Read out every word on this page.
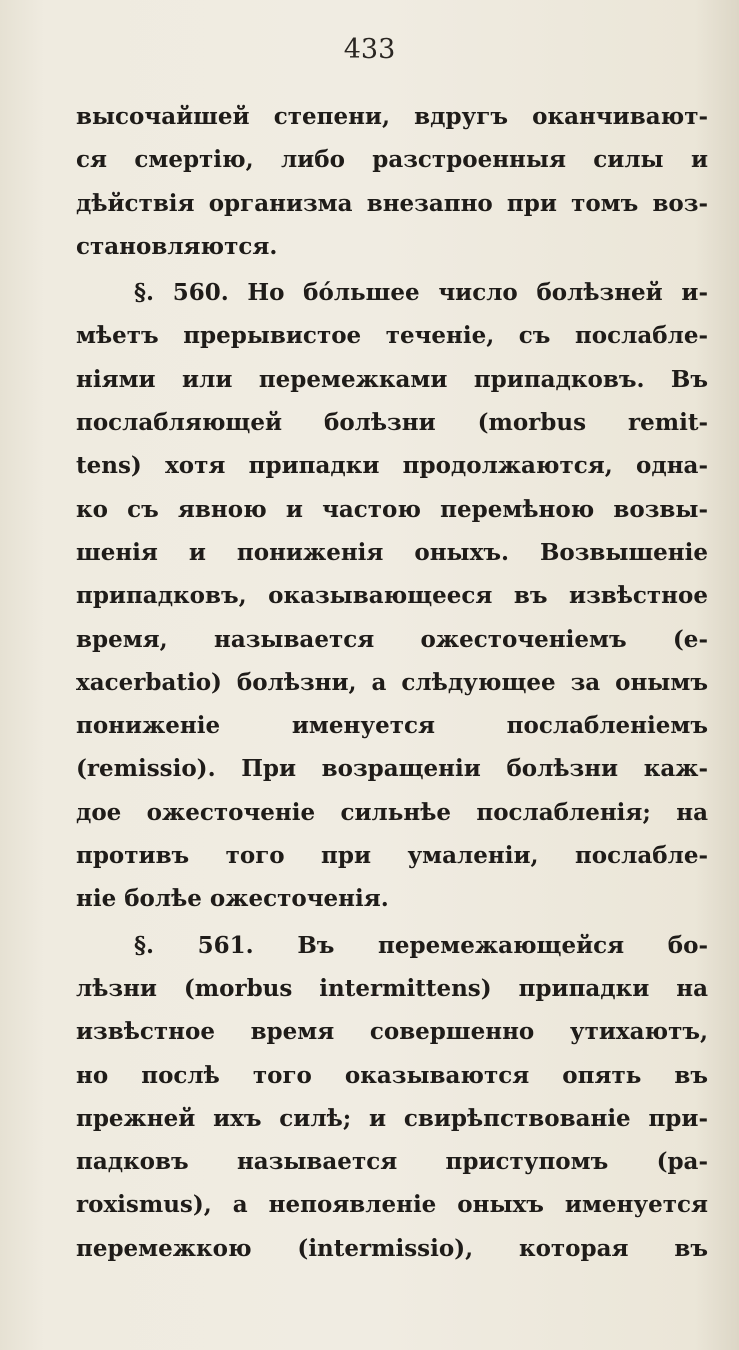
433
высочайшей степени, вдругъ оканчивают-
ся смертію, либо разстроенныя силы и
дѣйствія организма внезапно при томъ воз-
становляются.
§. 560. Но бо́льшее число болѣзней и-
мѣетъ прерывистое теченіе, съ послабле-
ніями или перемежками припадковъ. Въ
послабляющей болѣзни (morbus remit-
tens) хотя припадки продолжаются, одна-
ко съ явною и частою перемѣною возвы-
шенія и пониженія оныхъ. Возвышеніе
припадковъ, оказывающееся въ извѣстное
время, называется ожесточеніемъ (e-
xacerbatio) болѣзни, а слѣдующее за онымъ
пониженіе именуется послабленіемъ
(remissio). При возращеніи болѣзни каж-
дое ожесточеніе сильнѣе послабленія; на
противъ того при умаленіи, послабле-
ніе болѣе ожесточенія.
§. 561. Въ перемежающейся бо-
лѣзни (morbus intermittens) припадки на
извѣстное время совершенно утихаютъ,
но послѣ того оказываются опять въ
прежней ихъ силѣ; и свирѣпствованіе при-
падковъ называется приступомъ (pa-
roxismus), а непоявленіе оныхъ именуется
перемежкою (intermissio), которая въ
